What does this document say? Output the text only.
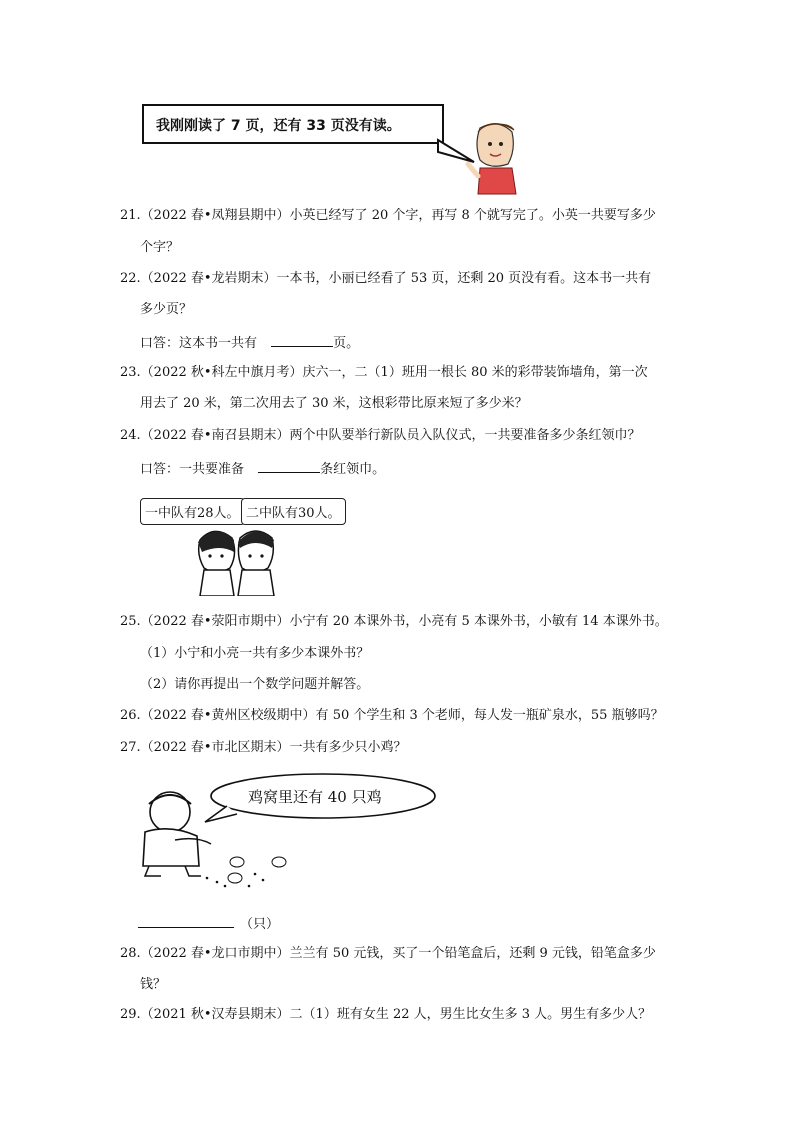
我刚刚读了 7 页，还有 33 页没有读。
21.（2022 春•凤翔县期中）小英已经写了 20 个字，再写 8 个就写完了。小英一共要写多少
个字？
22.（2022 春•龙岩期末）一本书，小丽已经看了 53 页，还剩 20 页没有看。这本书一共有
多少页？
口答：这本书一共有	页。
23.（2022 秋•科左中旗月考）庆六一，二（1）班用一根长 80 米的彩带装饰墙角，第一次
用去了 20 米，第二次用去了 30 米，这根彩带比原来短了多少米？
24.（2022 春•南召县期末）两个中队要举行新队员入队仪式，一共要准备多少条红领巾？
口答：一共要准备	条红领巾。
一中队有28人。 二中队有30人。
25.（2022 春•荥阳市期中）小宁有 20 本课外书，小亮有 5 本课外书，小敏有 14 本课外书。
（1）小宁和小亮一共有多少本课外书？
（2）请你再提出一个数学问题并解答。
26.（2022 春•黄州区校级期中）有 50 个学生和 3 个老师，每人发一瓶矿泉水，55 瓶够吗？
27.（2022 春•市北区期末）一共有多少只小鸡？
鸡窝里还有 40 只鸡
（只）
28.（2022 春•龙口市期中）兰兰有 50 元钱，买了一个铅笔盒后，还剩 9 元钱，铅笔盒多少
钱？
29.（2021 秋•汉寿县期末）二（1）班有女生 22 人，男生比女生多 3 人。男生有多少人？
